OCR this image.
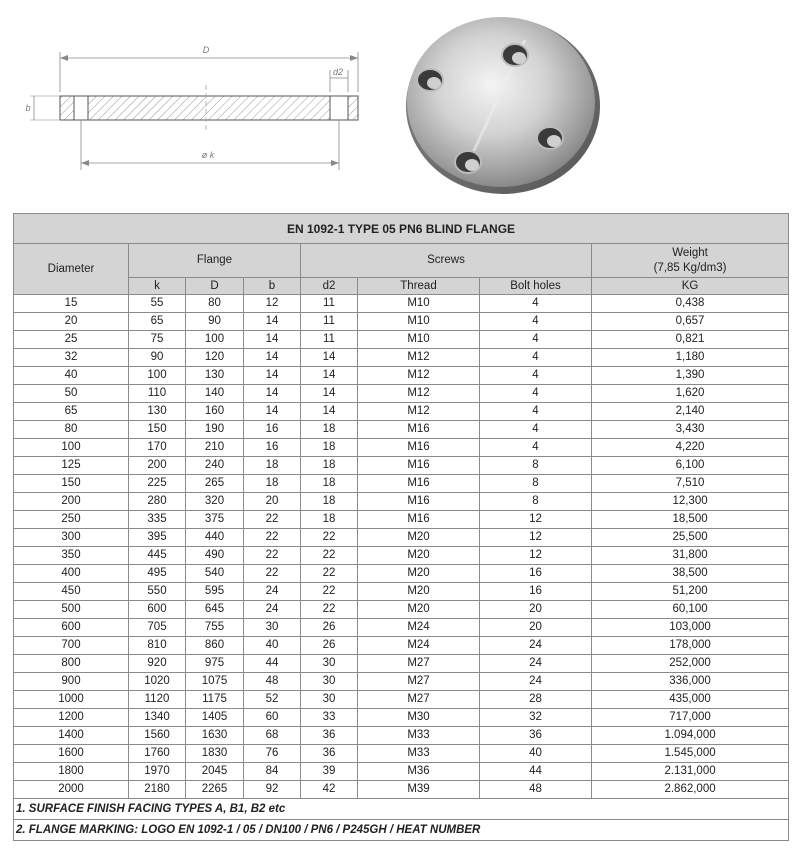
D
d2
b
ø k
EN 1092-1 TYPE 05 PN6 BLIND FLANGE							
Diameter	Flange			Screws			Weight
(7,85 Kg/dm3)
	k	D	b	d2	Thread	Bolt holes	KG
15	55	80	12	11	M10	4	0,438
20	65	90	14	11	M10	4	0,657
25	75	100	14	11	M10	4	0,821
32	90	120	14	14	M12	4	1,180
40	100	130	14	14	M12	4	1,390
50	110	140	14	14	M12	4	1,620
65	130	160	14	14	M12	4	2,140
80	150	190	16	18	M16	4	3,430
100	170	210	16	18	M16	4	4,220
125	200	240	18	18	M16	8	6,100
150	225	265	18	18	M16	8	7,510
200	280	320	20	18	M16	8	12,300
250	335	375	22	18	M16	12	18,500
300	395	440	22	22	M20	12	25,500
350	445	490	22	22	M20	12	31,800
400	495	540	22	22	M20	16	38,500
450	550	595	24	22	M20	16	51,200
500	600	645	24	22	M20	20	60,100
600	705	755	30	26	M24	20	103,000
700	810	860	40	26	M24	24	178,000
800	920	975	44	30	M27	24	252,000
900	1020	1075	48	30	M27	24	336,000
1000	1120	1175	52	30	M27	28	435,000
1200	1340	1405	60	33	M30	32	717,000
1400	1560	1630	68	36	M33	36	1.094,000
1600	1760	1830	76	36	M33	40	1.545,000
1800	1970	2045	84	39	M36	44	2.131,000
2000	2180	2265	92	42	M39	48	2.862,000
1. SURFACE FINISH FACING TYPES A, B1, B2 etc							
2. FLANGE MARKING: LOGO EN 1092-1 / 05 / DN100 / PN6 / P245GH / HEAT NUMBER							
